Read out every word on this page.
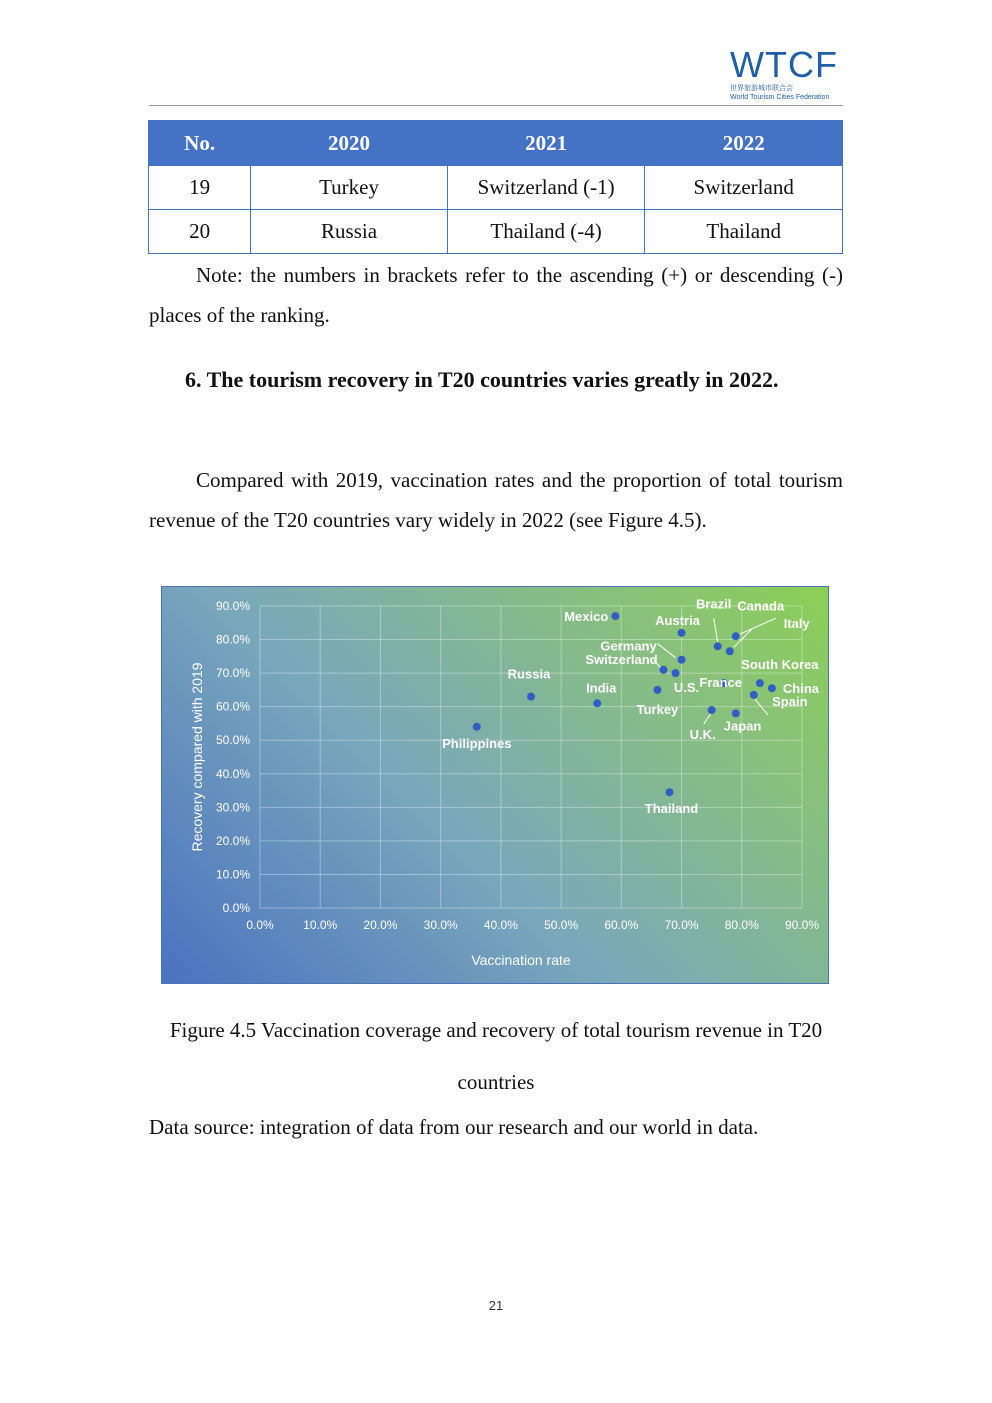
WTCF
世界旅游城市联合会
World Tourism Cities Federation
No.	2020	2021	2022
19	Turkey	Switzerland (-1)	Switzerland
20	Russia	Thailand (-4)	Thailand
Note: the numbers in brackets refer to the ascending (+) or descending (-) places of the ranking.
6. The tourism recovery in T20 countries varies greatly in 2022.
Compared with 2019, vaccination rates and the proportion of total tourism revenue of the T20 countries vary widely in 2022 (see Figure 4.5).
0.0%
10.0%
20.0%
30.0%
40.0%
50.0%
60.0%
70.0%
80.0%
90.0%
0.0% 10.0% 20.0% 30.0% 40.0% 50.0% 60.0% 70.0% 80.0% 90.0%
Vaccination rate
Recovery compared with 2019	Philippines
Russia
India
Mexico
Turkey
Switzerland
Thailand
U.S.
Austria
Germany
U.K.
Brazil
France
Canada
Italy
Japan
Spain
South Korea
China
Figure 4.5 Vaccination coverage and recovery of total tourism revenue in T20 countries
Data source: integration of data from our research and our world in data.
21
